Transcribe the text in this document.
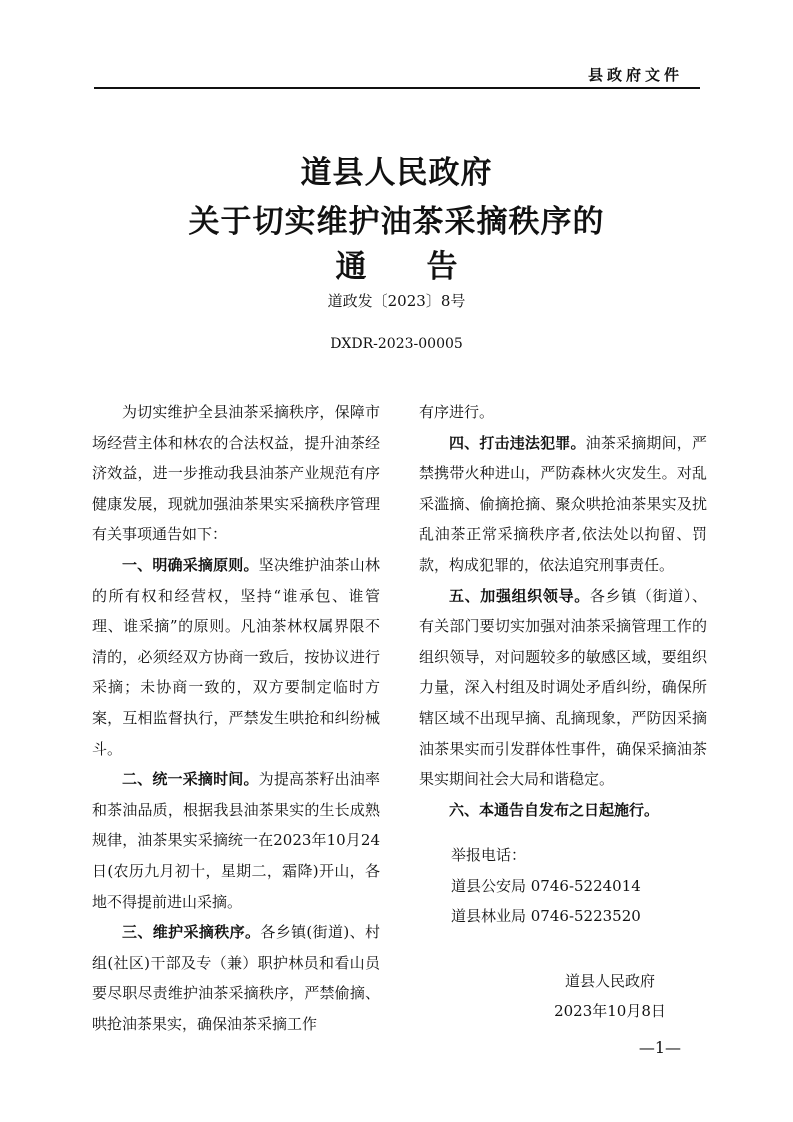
县政府文件
道县人民政府
关于切实维护油茶采摘秩序的
通告
道政发〔2023〕8号
DXDR-2023-00005

为切实维护全县油茶采摘秩序，保障市场经营主体和林农的合法权益，提升油茶经济效益，进一步推动我县油茶产业规范有序健康发展，现就加强油茶果实采摘秩序管理有关事项通告如下：

一、明确采摘原则。坚决维护油茶山林的所有权和经营权，坚持“谁承包、谁管理、谁采摘”的原则。凡油茶林权属界限不清的，必须经双方协商一致后，按协议进行采摘；未协商一致的，双方要制定临时方案，互相监督执行，严禁发生哄抢和纠纷械斗。

二、统一采摘时间。为提高茶籽出油率和茶油品质，根据我县油茶果实的生长成熟规律，油茶果实采摘统一在2023年10月24日(农历九月初十，星期二，霜降)开山，各地不得提前进山采摘。

三、维护采摘秩序。各乡镇(街道)、村组(社区)干部及专（兼）职护林员和看山员要尽职尽责维护油茶采摘秩序，严禁偷摘、哄抢油茶果实，确保油茶采摘工作

有序进行。

四、打击违法犯罪。油茶采摘期间，严禁携带火种进山，严防森林火灾发生。对乱采滥摘、偷摘抢摘、聚众哄抢油茶果实及扰乱油茶正常采摘秩序者,依法处以拘留、罚款，构成犯罪的，依法追究刑事责任。

五、加强组织领导。各乡镇（街道）、有关部门要切实加强对油茶采摘管理工作的组织领导，对问题较多的敏感区域，要组织力量，深入村组及时调处矛盾纠纷，确保所辖区域不出现早摘、乱摘现象，严防因采摘油茶果实而引发群体性事件，确保采摘油茶果实期间社会大局和谐稳定。

六、本通告自发布之日起施行。

举报电话：
道县公安局 0746-5224014
道县林业局 0746-5223520
道县人民政府
2023年10月8日
—1—
